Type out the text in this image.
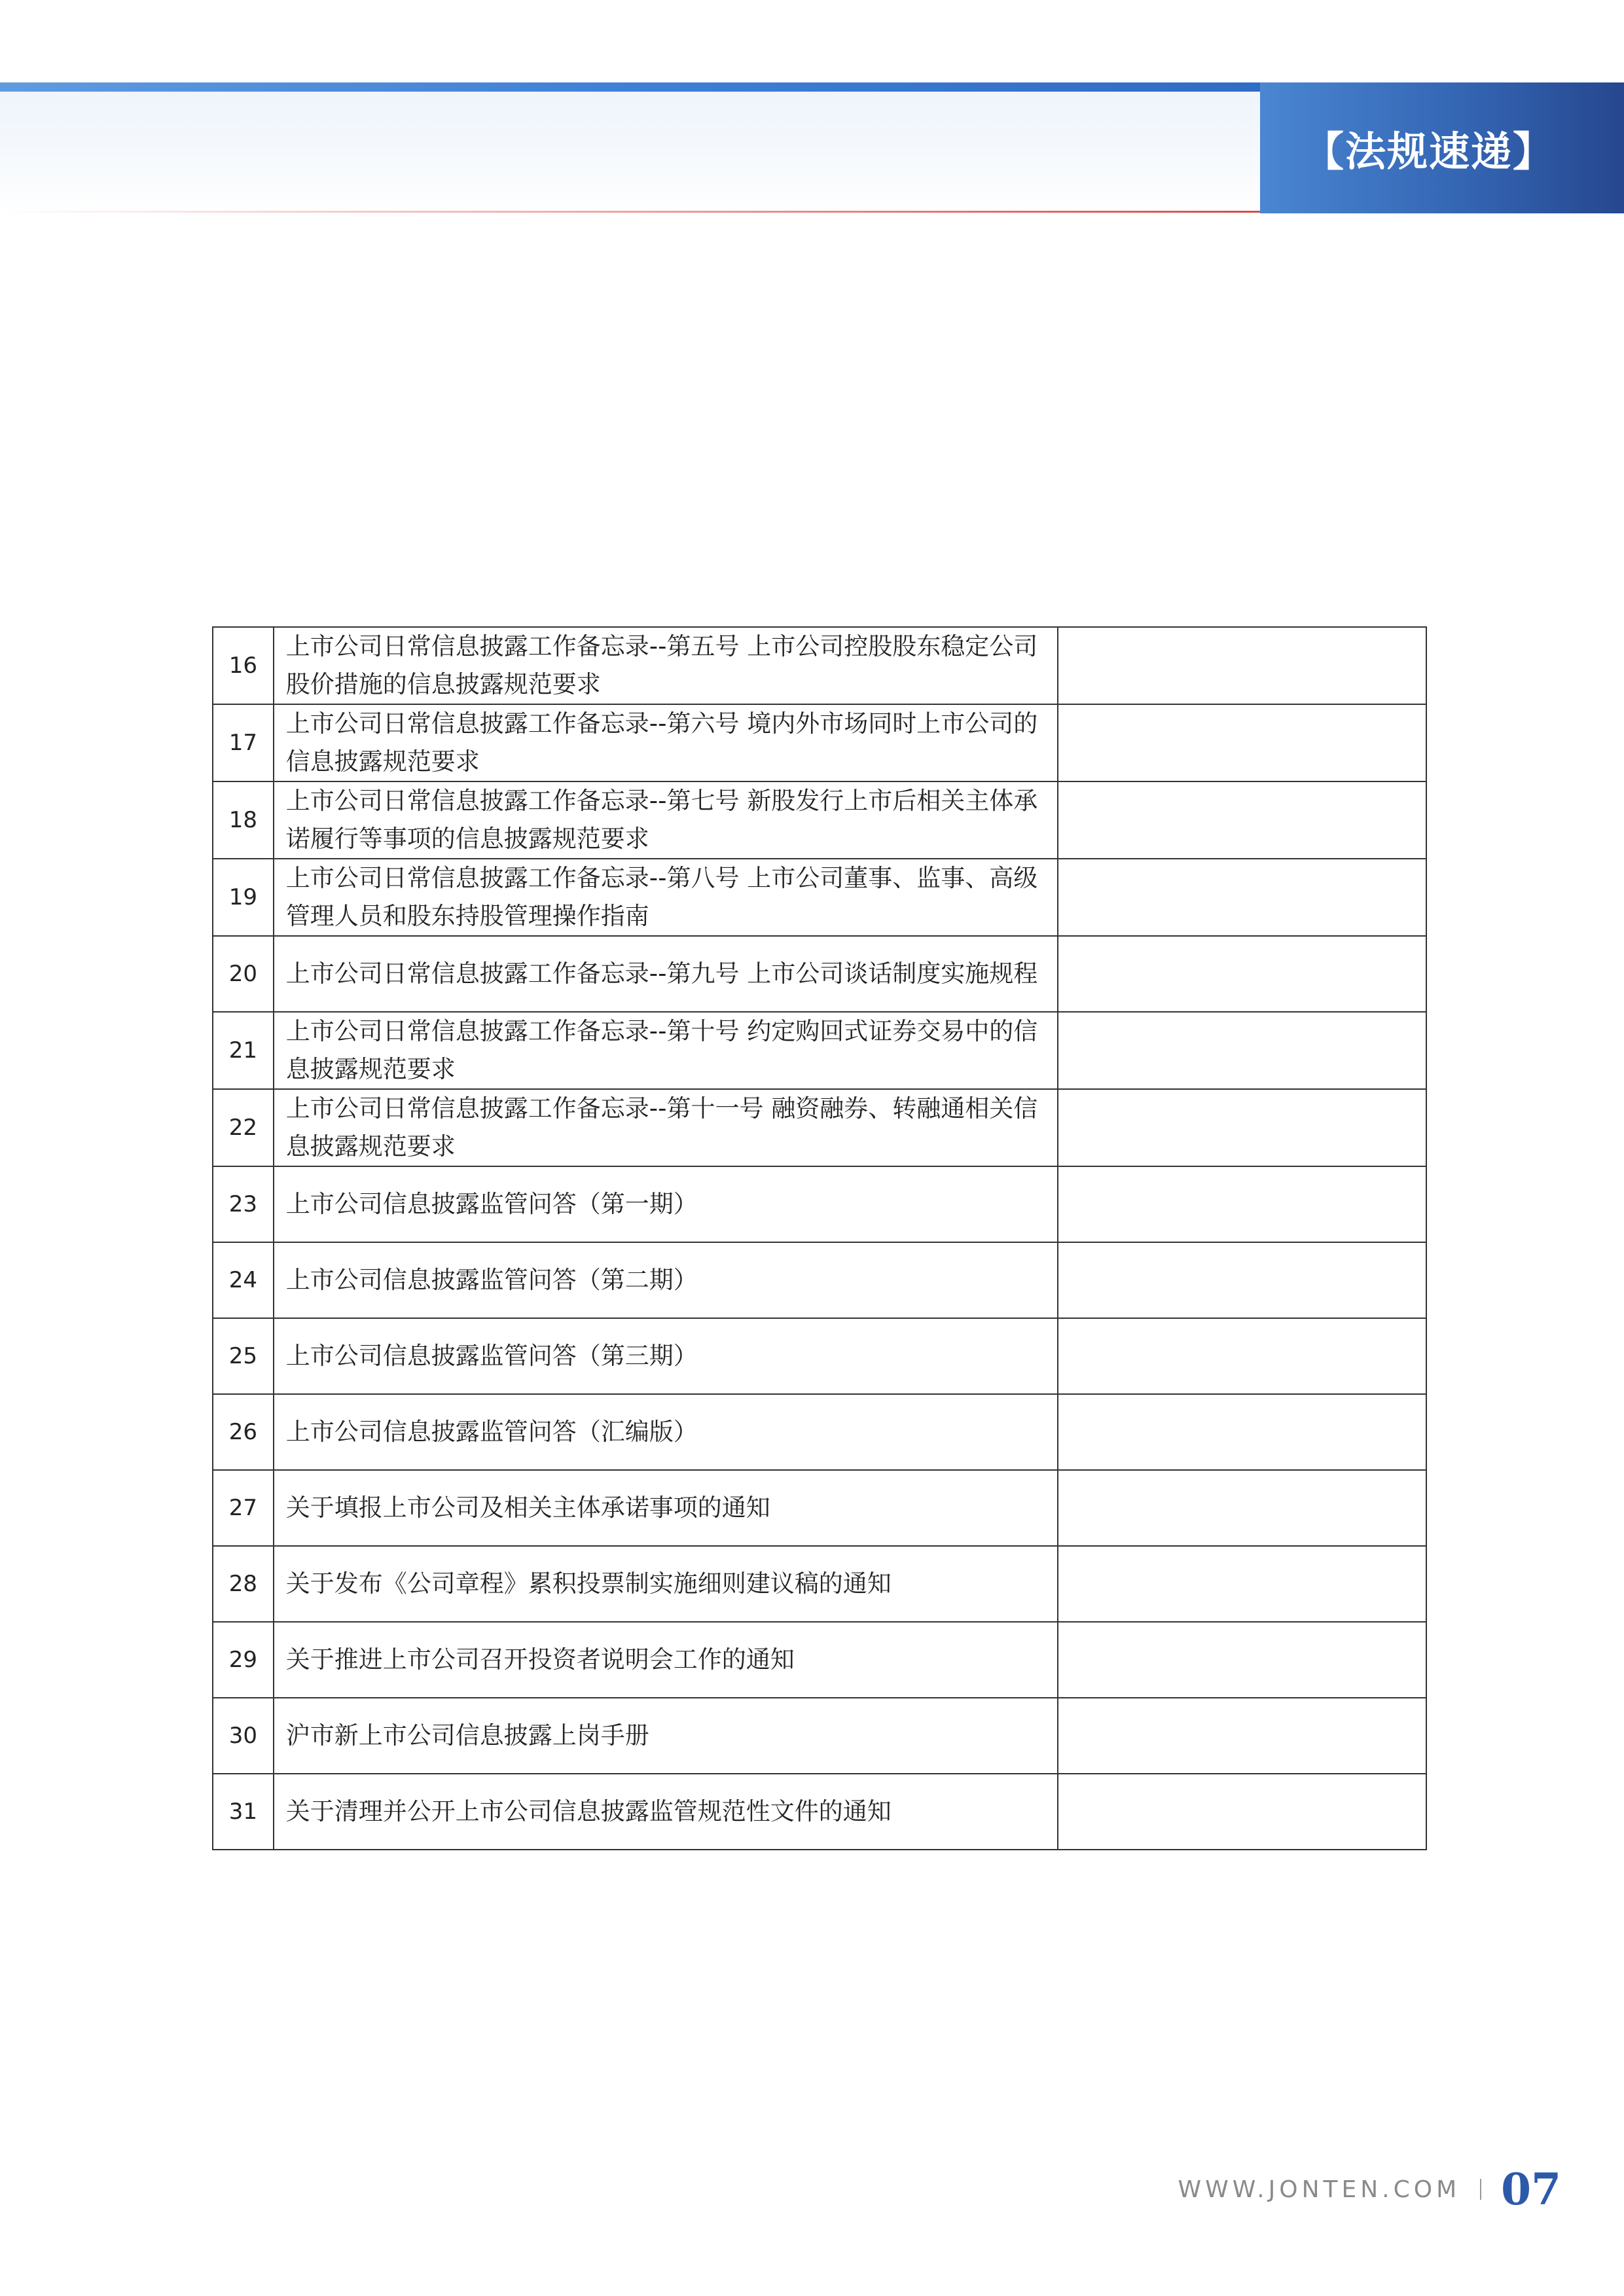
【法规速递】
16	上市公司日常信息披露工作备忘录--第五号 上市公司控股股东稳定公司股价措施的信息披露规范要求	
17	上市公司日常信息披露工作备忘录--第六号 境内外市场同时上市公司的信息披露规范要求	
18	上市公司日常信息披露工作备忘录--第七号 新股发行上市后相关主体承诺履行等事项的信息披露规范要求	
19	上市公司日常信息披露工作备忘录--第八号 上市公司董事、监事、高级管理人员和股东持股管理操作指南	
20	上市公司日常信息披露工作备忘录--第九号 上市公司谈话制度实施规程	
21	上市公司日常信息披露工作备忘录--第十号 约定购回式证券交易中的信息披露规范要求	
22	上市公司日常信息披露工作备忘录--第十一号 融资融券、转融通相关信息披露规范要求	
23	上市公司信息披露监管问答（第一期）	
24	上市公司信息披露监管问答（第二期）	
25	上市公司信息披露监管问答（第三期）	
26	上市公司信息披露监管问答（汇编版）	
27	关于填报上市公司及相关主体承诺事项的通知	
28	关于发布《公司章程》累积投票制实施细则建议稿的通知	
29	关于推进上市公司召开投资者说明会工作的通知	
30	沪市新上市公司信息披露上岗手册	
31	关于清理并公开上市公司信息披露监管规范性文件的通知	
WWW.JONTEN.COM 07
